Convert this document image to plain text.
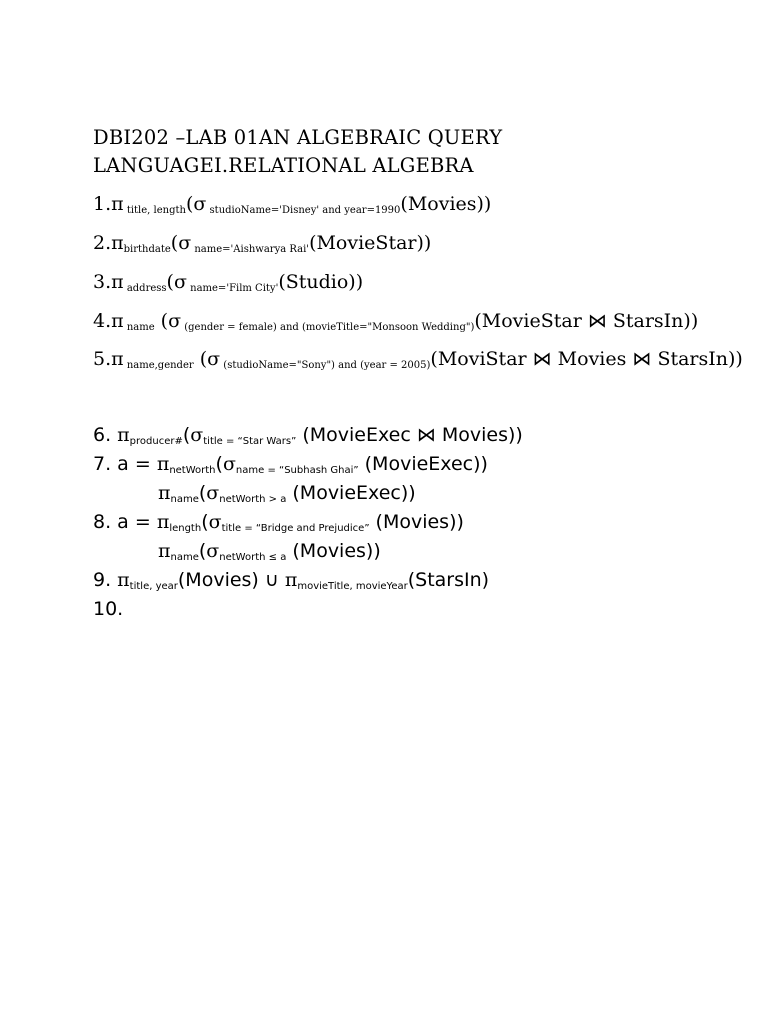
DBI202 –LAB 01AN ALGEBRAIC QUERY
LANGUAGEI.RELATIONAL ALGEBRA
1.π title, length(σ studioName='Disney' and year=1990(Movies))
2.πbirthdate(σ name='Aishwarya Rai'(MovieStar))
3.π address(σ name='Film City'(Studio))
4.π name (σ (gender = female) and (movieTitle="Monsoon Wedding")(MovieStar ⋈ StarsIn))
5.π name,gender (σ (studioName="Sony") and (year = 2005)(MoviStar ⋈ Movies ⋈ StarsIn))
6. πproducer#(σtitle = “Star Wars” (MovieExec ⋈ Movies))
7. a = πnetWorth(σname = “Subhash Ghai” (MovieExec))
πname(σnetWorth > a (MovieExec))
8. a = πlength(σtitle = “Bridge and Prejudice” (Movies))
πname(σnetWorth ≤ a (Movies))
9. πtitle, year(Movies) ∪ πmovieTitle, movieYear(StarsIn)
10.
